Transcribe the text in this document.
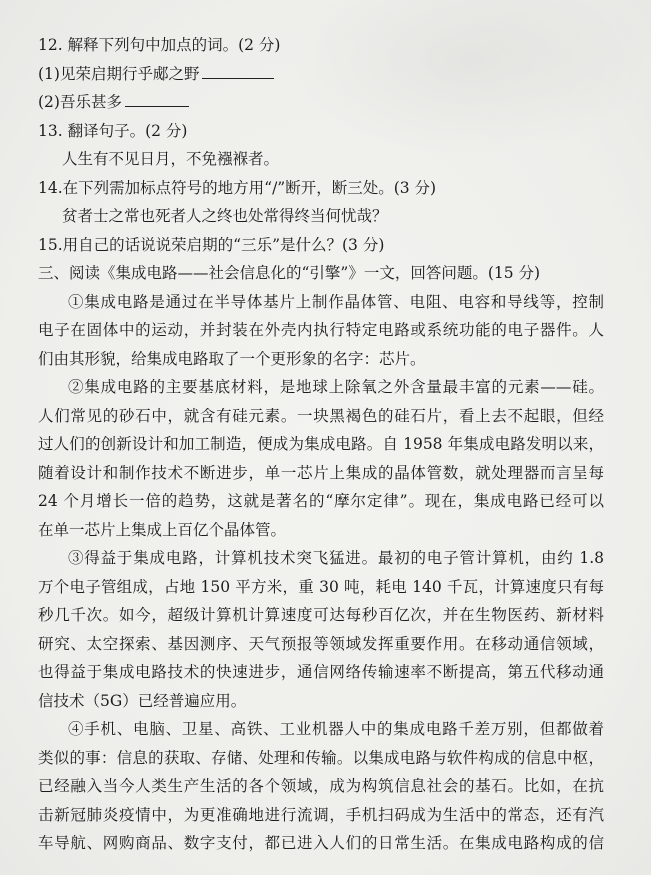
12. 解释下列句中加点的词。(2 分)
(1)见荣启期行乎郕之野
(2)吾乐甚多
13. 翻译句子。(2 分)
人生有不见日月，不免襁褓者。
14.在下列需加标点符号的地方用“/”断开，断三处。(3 分)
贫者士之常也死者人之终也处常得终当何忧哉？
15.用自己的话说说荣启期的“三乐”是什么？(3 分)
三、阅读《集成电路——社会信息化的“引擎”》一文，回答问题。(15 分)
①集成电路是通过在半导体基片上制作晶体管、电阻、电容和导线等，控制
电子在固体中的运动，并封装在外壳内执行特定电路或系统功能的电子器件。人
们由其形貌，给集成电路取了一个更形象的名字：芯片。
②集成电路的主要基底材料，是地球上除氧之外含量最丰富的元素——硅。
人们常见的砂石中，就含有硅元素。一块黑褐色的硅石片，看上去不起眼，但经
过人们的创新设计和加工制造，便成为集成电路。自 1958 年集成电路发明以来，
随着设计和制作技术不断进步，单一芯片上集成的晶体管数，就处理器而言呈每
24 个月增长一倍的趋势，这就是著名的“摩尔定律”。现在，集成电路已经可以
在单一芯片上集成上百亿个晶体管。
③得益于集成电路，计算机技术突飞猛进。最初的电子管计算机，由约 1.8
万个电子管组成，占地 150 平方米，重 30 吨，耗电 140 千瓦，计算速度只有每
秒几千次。如今，超级计算机计算速度可达每秒百亿次，并在生物医药、新材料
研究、太空探索、基因测序、天气预报等领域发挥重要作用。在移动通信领域，
也得益于集成电路技术的快速进步，通信网络传输速率不断提高，第五代移动通
信技术（5G）已经普遍应用。
④手机、电脑、卫星、高铁、工业机器人中的集成电路千差万别，但都做着
类似的事：信息的获取、存储、处理和传输。以集成电路与软件构成的信息中枢，
已经融入当今人类生产生活的各个领域，成为构筑信息社会的基石。比如，在抗
击新冠肺炎疫情中，为更准确地进行流调，手机扫码成为生活中的常态，还有汽
车导航、网购商品、数字支付，都已进入人们的日常生活。在集成电路构成的信
